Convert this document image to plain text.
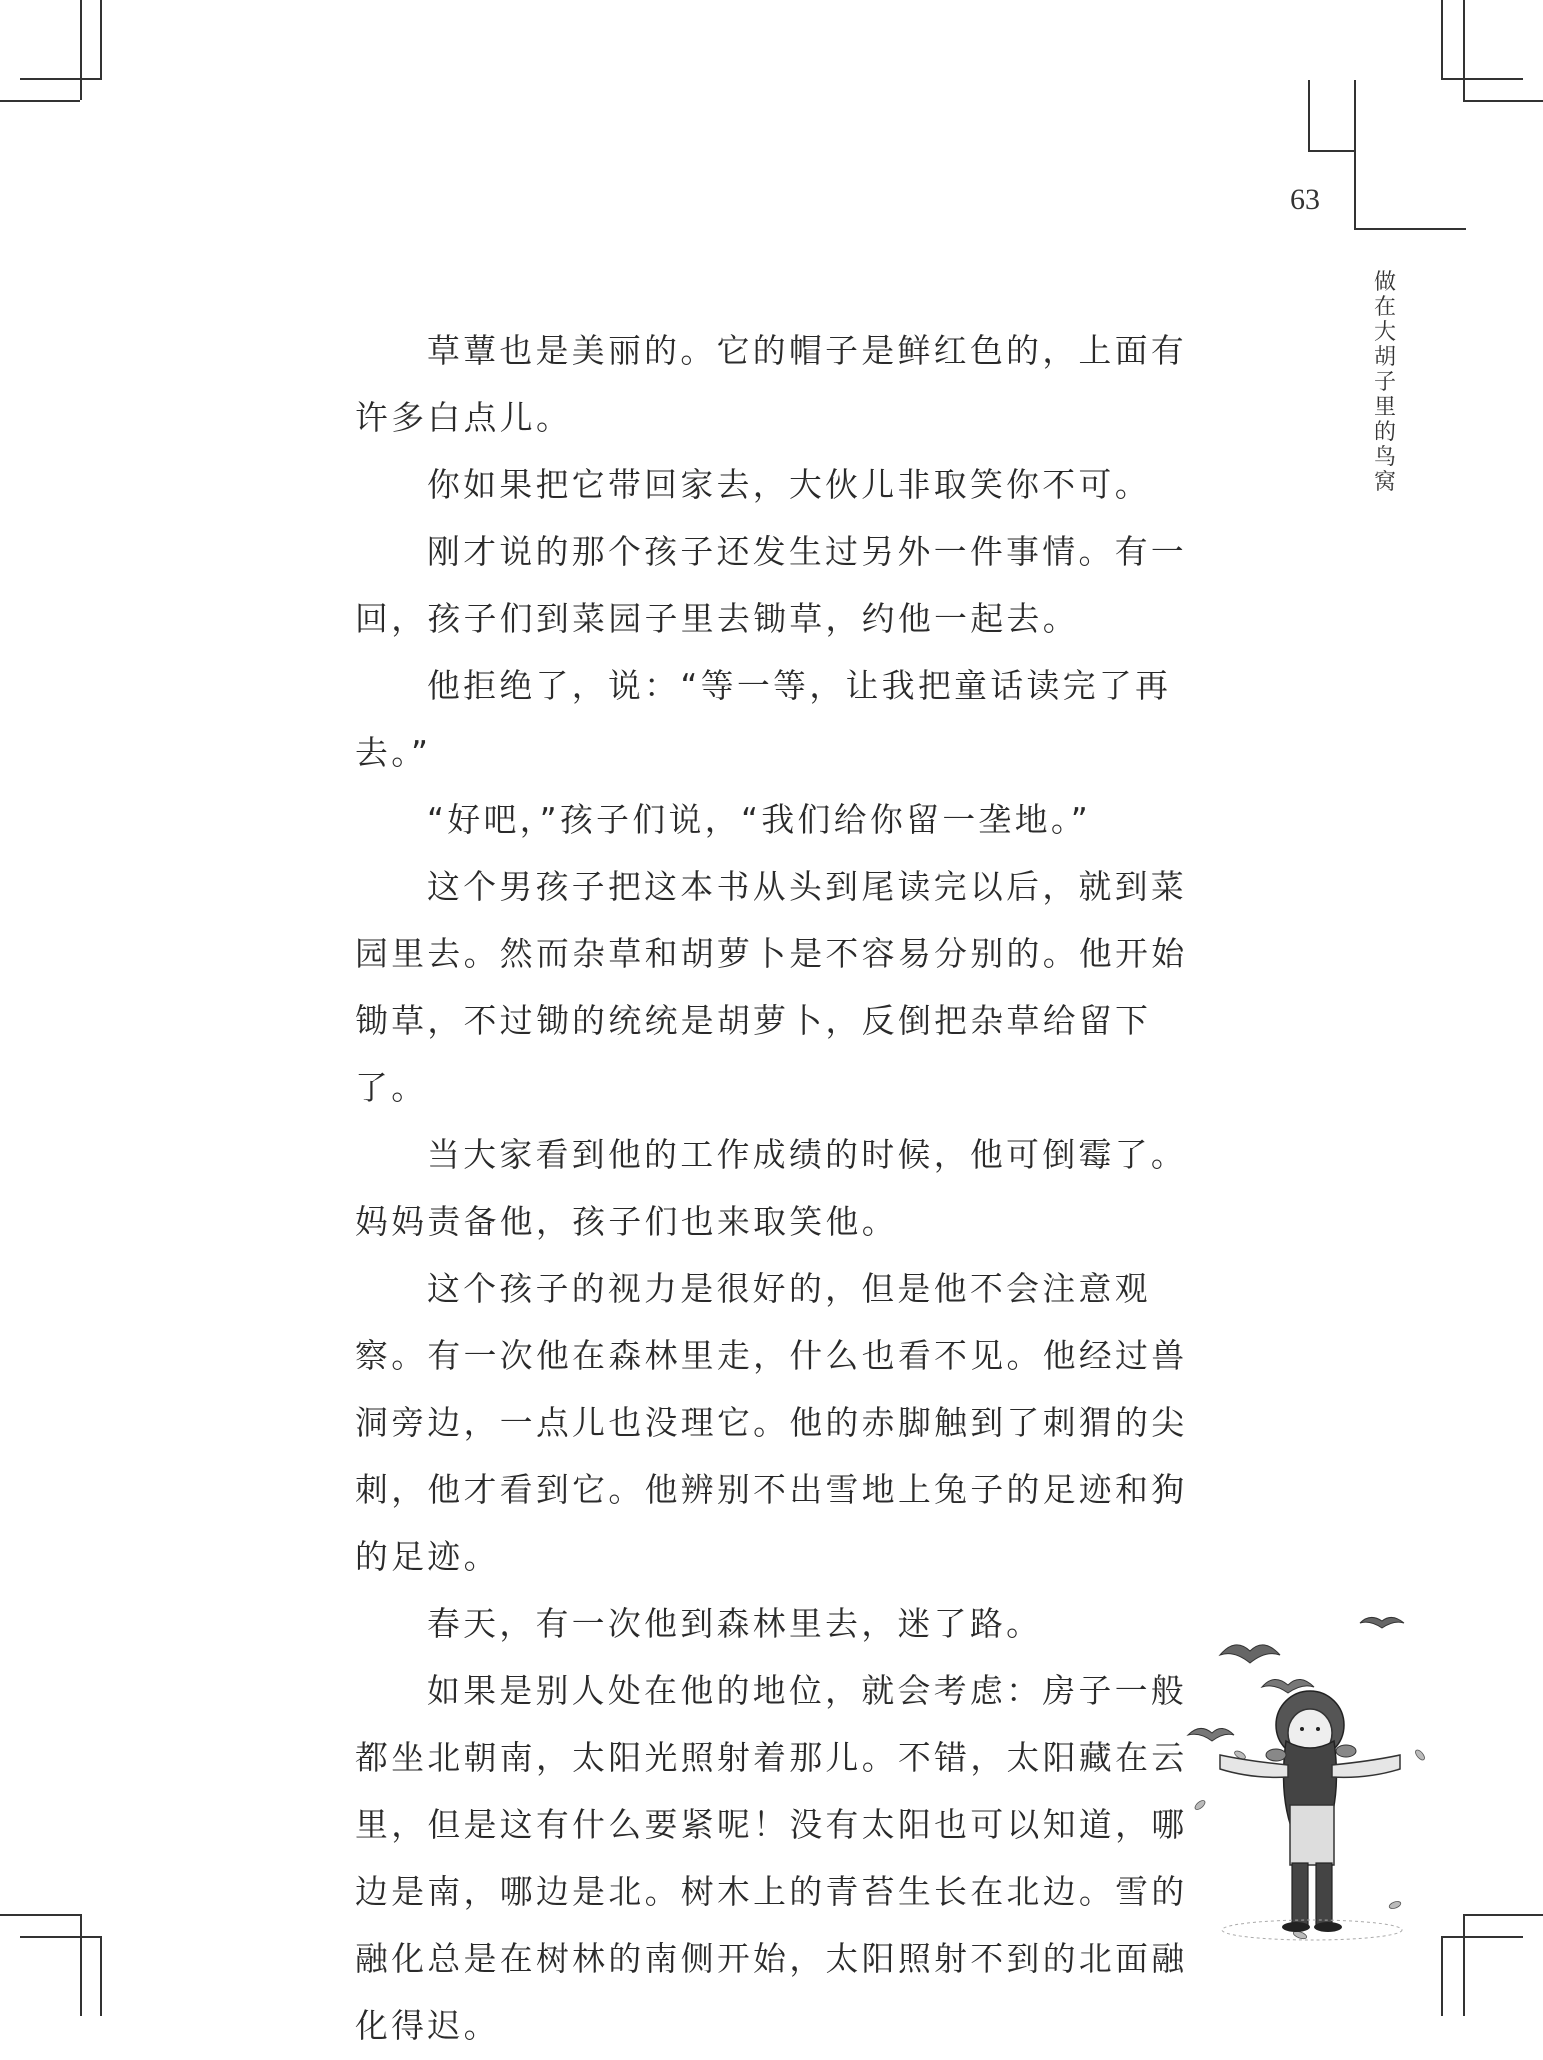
63
做在大胡子里的鸟窝

草蕈也是美丽的。它的帽子是鲜红色的，上面有许多白点儿。

你如果把它带回家去，大伙儿非取笑你不可。

刚才说的那个孩子还发生过另外一件事情。有一回，孩子们到菜园子里去锄草，约他一起去。

他拒绝了，说：“等一等，让我把童话读完了再去。”

“好吧，”孩子们说，“我们给你留一垄地。”

这个男孩子把这本书从头到尾读完以后，就到菜园里去。然而杂草和胡萝卜是不容易分别的。他开始锄草，不过锄的统统是胡萝卜，反倒把杂草给留下了。

当大家看到他的工作成绩的时候，他可倒霉了。妈妈责备他，孩子们也来取笑他。

这个孩子的视力是很好的，但是他不会注意观察。有一次他在森林里走，什么也看不见。他经过兽洞旁边，一点儿也没理它。他的赤脚触到了刺猬的尖刺，他才看到它。他辨别不出雪地上兔子的足迹和狗的足迹。

春天，有一次他到森林里去，迷了路。

如果是别人处在他的地位，就会考虑：房子一般都坐北朝南，太阳光照射着那儿。不错，太阳藏在云里，但是这有什么要紧呢！没有太阳也可以知道，哪边是南，哪边是北。树木上的青苔生长在北边。雪的融化总是在树林的南侧开始，太阳照射不到的北面融化得迟。
